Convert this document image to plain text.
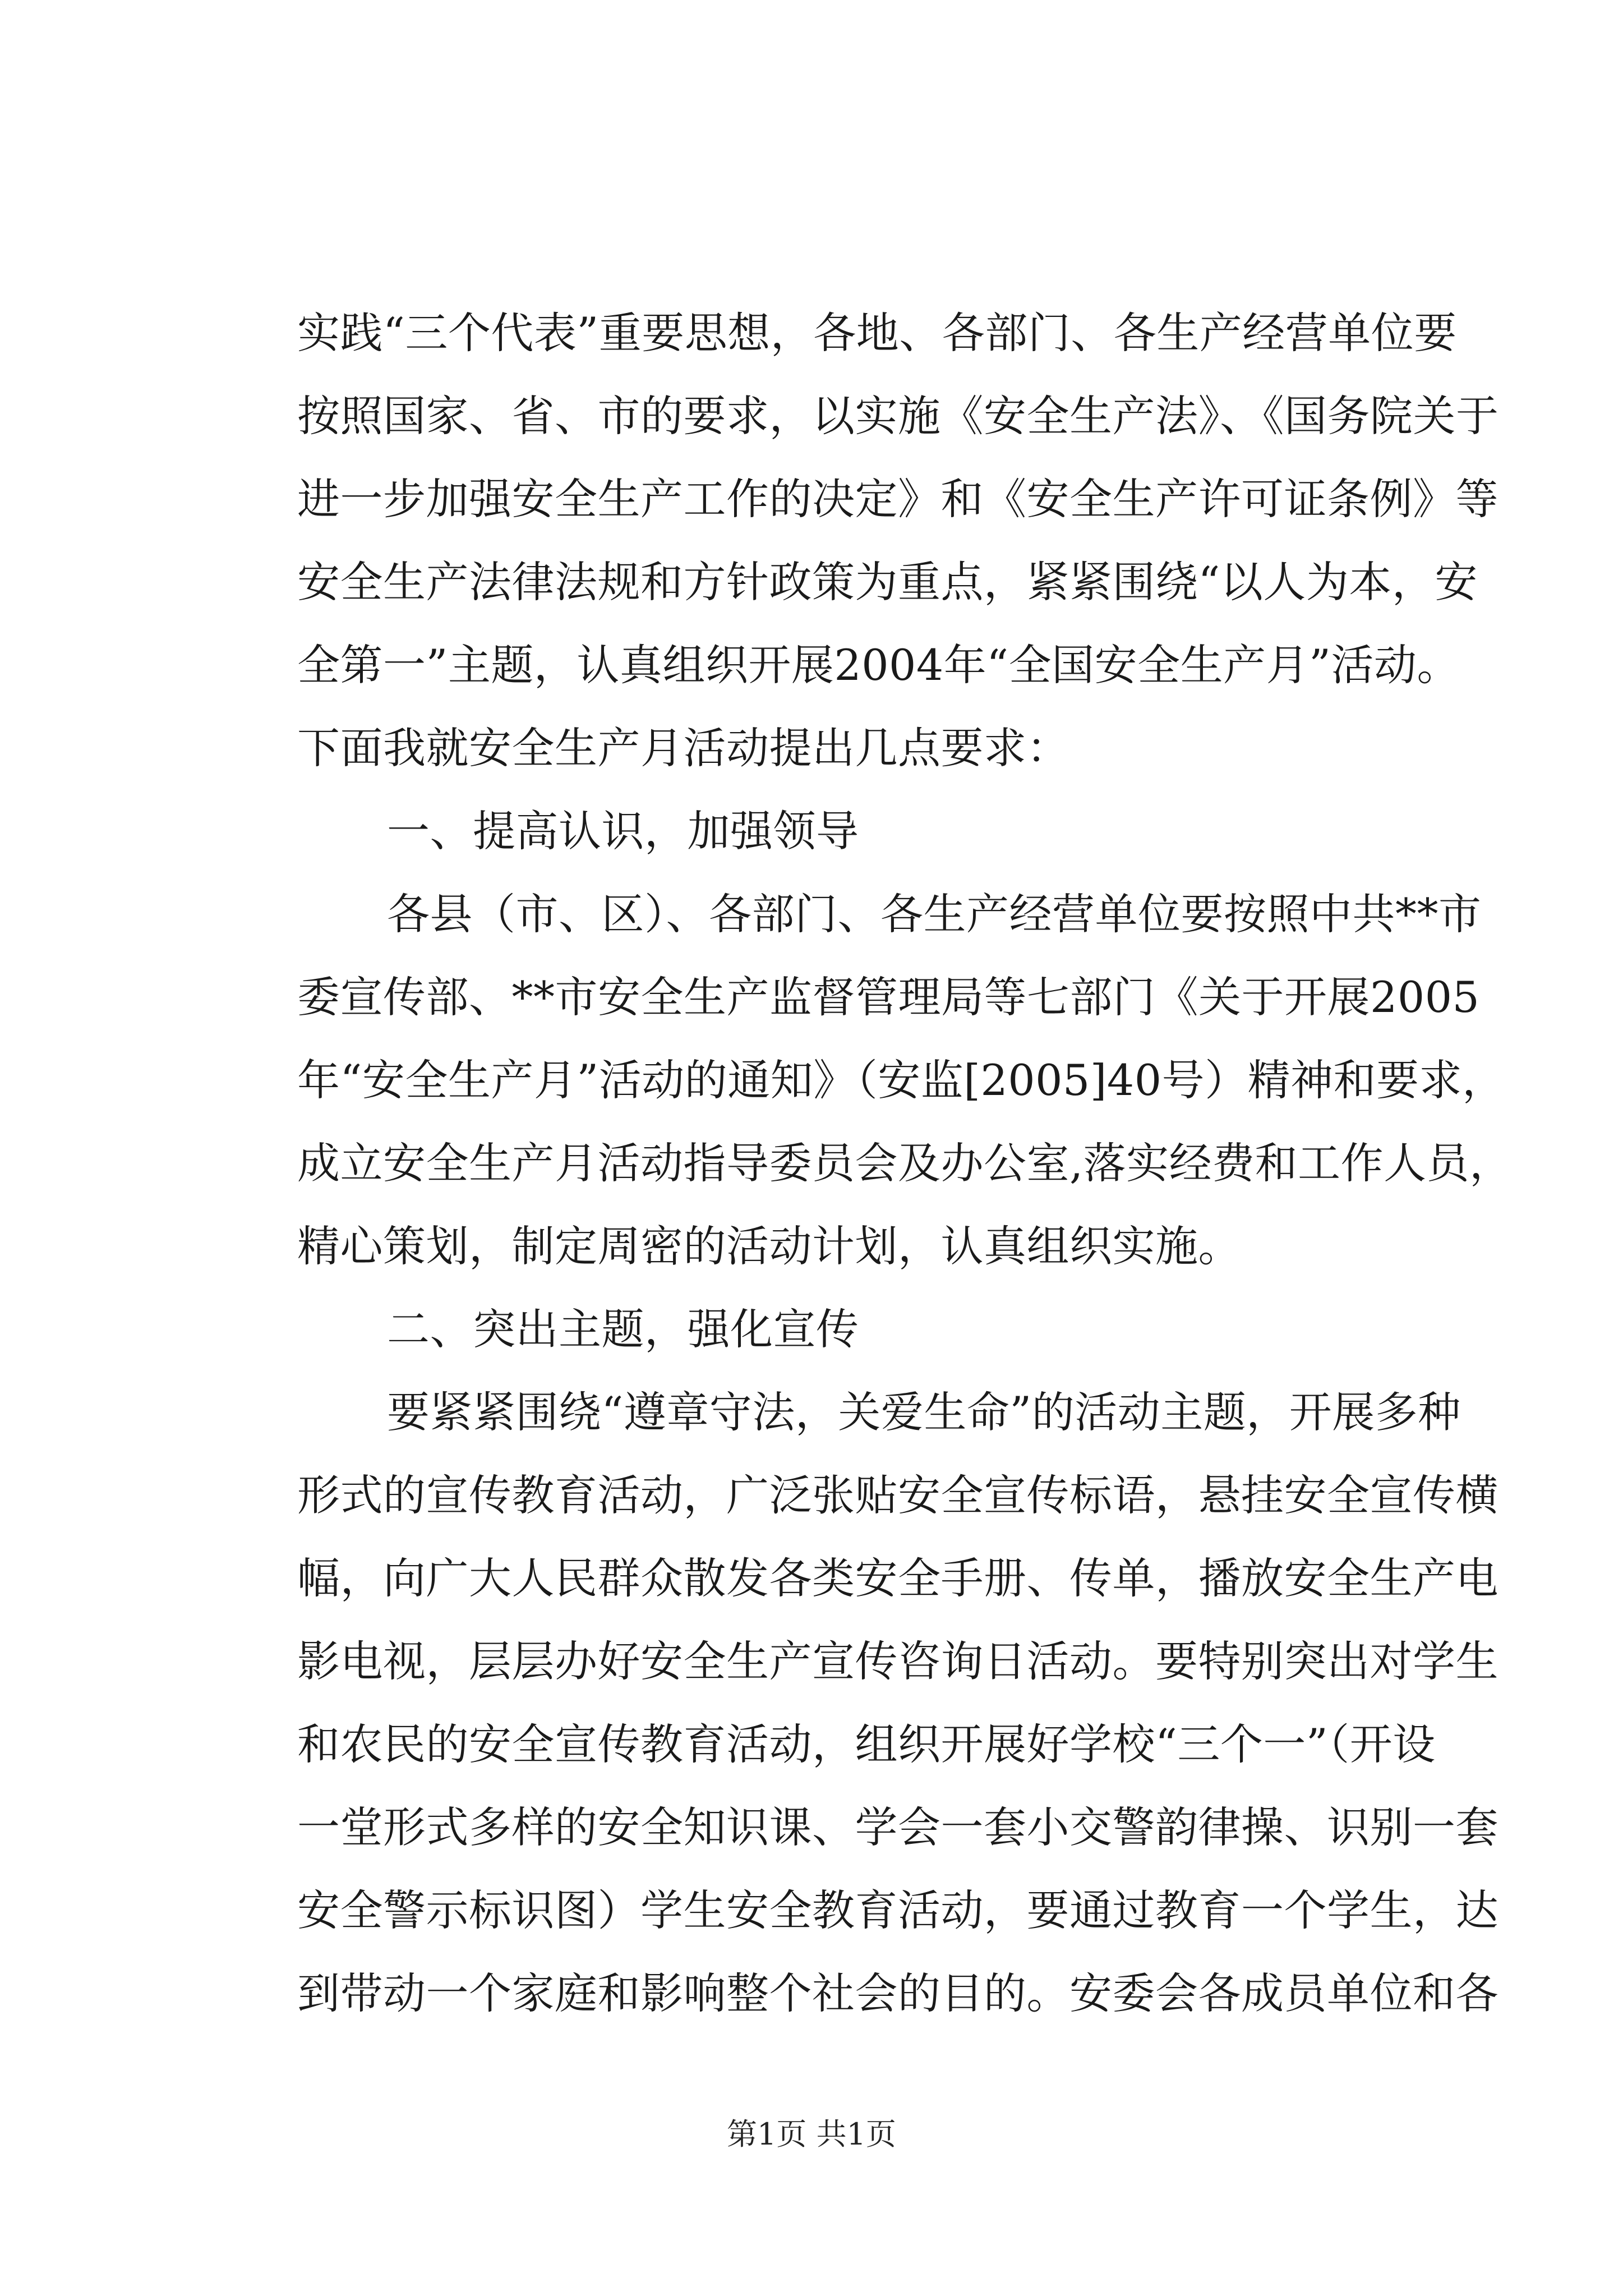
实践“三个代表”重要思想，各地、各部门、各生产经营单位要
按照国家、省、市的要求，以实施《安全生产法》、《国务院关于
进一步加强安全生产工作的决定》和《安全生产许可证条例》等
安全生产法律法规和方针政策为重点，紧紧围绕“以人为本，安
全第一”主题，认真组织开展2004年“全国安全生产月”活动。
下面我就安全生产月活动提出几点要求：
一、提高认识，加强领导
各县（市、区）、各部门、各生产经营单位要按照中共**市
委宣传部、**市安全生产监督管理局等七部门《关于开展2005
年“安全生产月”活动的通知》（安监[2005]40号）精神和要求，
成立安全生产月活动指导委员会及办公室,落实经费和工作人员，
精心策划，制定周密的活动计划，认真组织实施。
二、突出主题，强化宣传
要紧紧围绕“遵章守法，关爱生命”的活动主题，开展多种
形式的宣传教育活动，广泛张贴安全宣传标语，悬挂安全宣传横
幅，向广大人民群众散发各类安全手册、传单，播放安全生产电
影电视，层层办好安全生产宣传咨询日活动。要特别突出对学生
和农民的安全宣传教育活动，组织开展好学校“三个一”（开设
一堂形式多样的安全知识课、学会一套小交警韵律操、识别一套
安全警示标识图）学生安全教育活动，要通过教育一个学生，达
到带动一个家庭和影响整个社会的目的。安委会各成员单位和各
第1页 共1页
